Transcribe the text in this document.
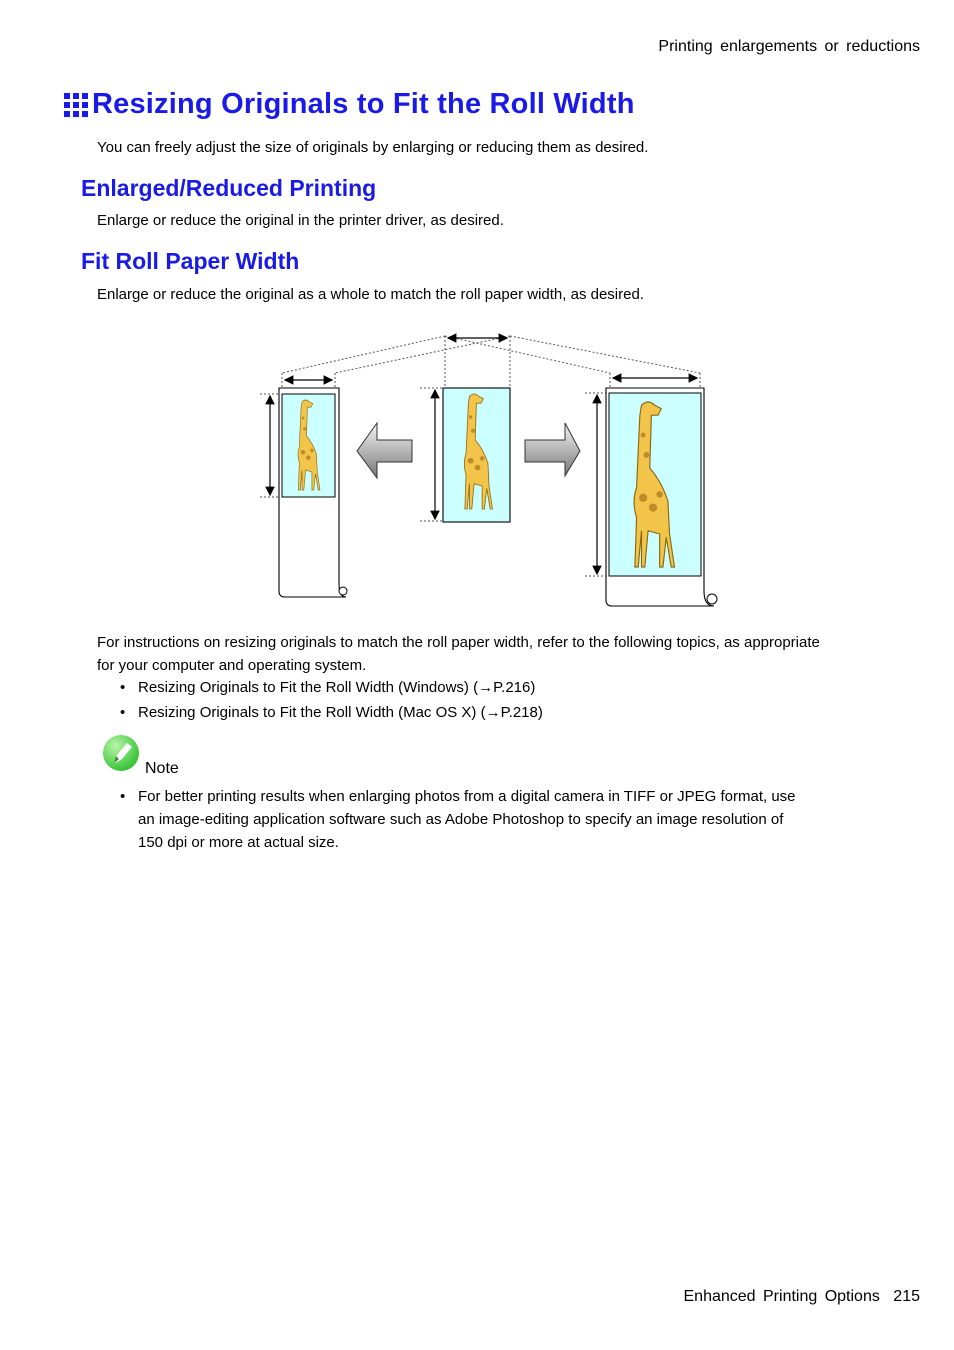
Printing enlargements or reductions
Resizing Originals to Fit the Roll Width
You can freely adjust the size of originals by enlarging or reducing them as desired.
Enlarged/Reduced Printing
Enlarge or reduce the original in the printer driver, as desired.
Fit Roll Paper Width
Enlarge or reduce the original as a whole to match the roll paper width, as desired.
For instructions on resizing originals to match the roll paper width, refer to the following topics, as appropriate
for your computer and operating system.
• Resizing Originals to Fit the Roll Width (Windows) (→P.216)
• Resizing Originals to Fit the Roll Width (Mac OS X) (→P.218)
Note
• For better printing results when enlarging photos from a digital camera in TIFF or JPEG format, use
an image-editing application software such as Adobe Photoshop to specify an image resolution of
150 dpi or more at actual size.
Enhanced Printing Options 215
